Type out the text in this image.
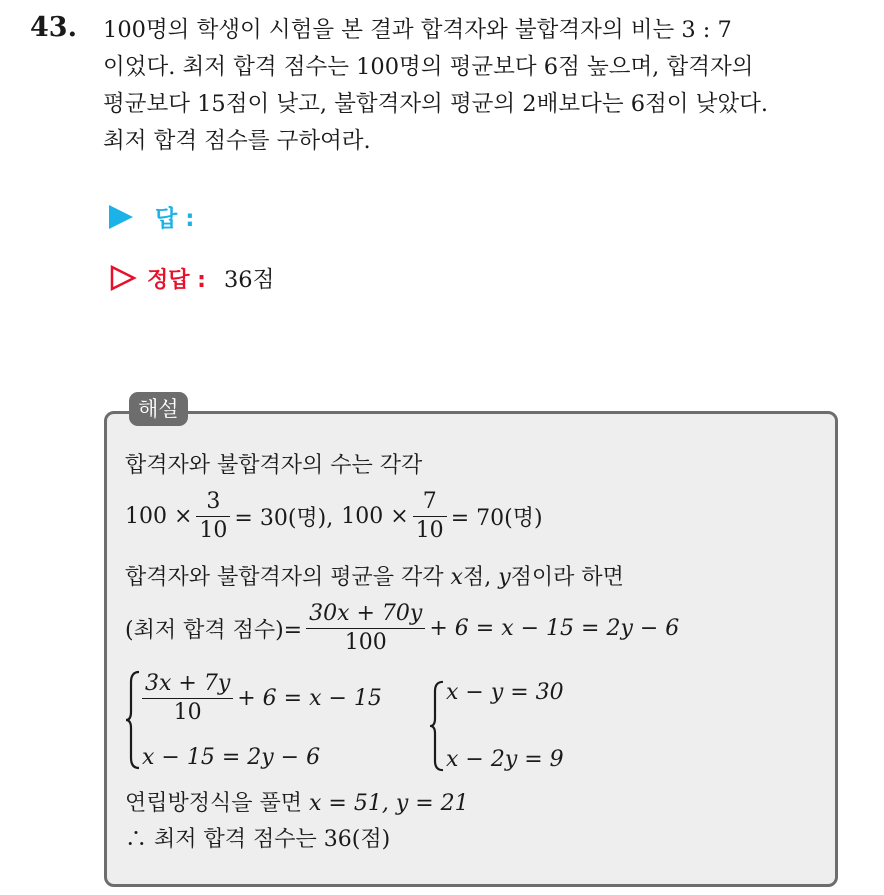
43. 100명의 학생이 시험을 본 결과 합격자와 불합격자의 비는 3 : 7
이었다. 최저 합격 점수는 100명의 평균보다 6점 높으며, 합격자의
평균보다 15점이 낮고, 불합격자의 평균의 2배보다는 6점이 낮았다.
최저 합격 점수를 구하여라.
답 :
정답 : 36점
해설
합격자와 불합격자의 수는 각각
$100 \times \frac{3}{10} = 30$(명), $100 \times \frac{7}{10} = 70$(명)
합격자와 불합격자의 평균을 각각 x점, y점이라 하면
(최저 합격 점수)= $\frac{30x + 70y}{100} + 6 = x - 15 = 2y - 6$
$\frac{3x + 7y}{10} + 6 = x - 15$
x − 15 = 2y − 6
x − y = 30
x − 2y = 9
연립방정식을 풀면 x = 51, y = 21
∴ 최저 합격 점수는 36(점)
